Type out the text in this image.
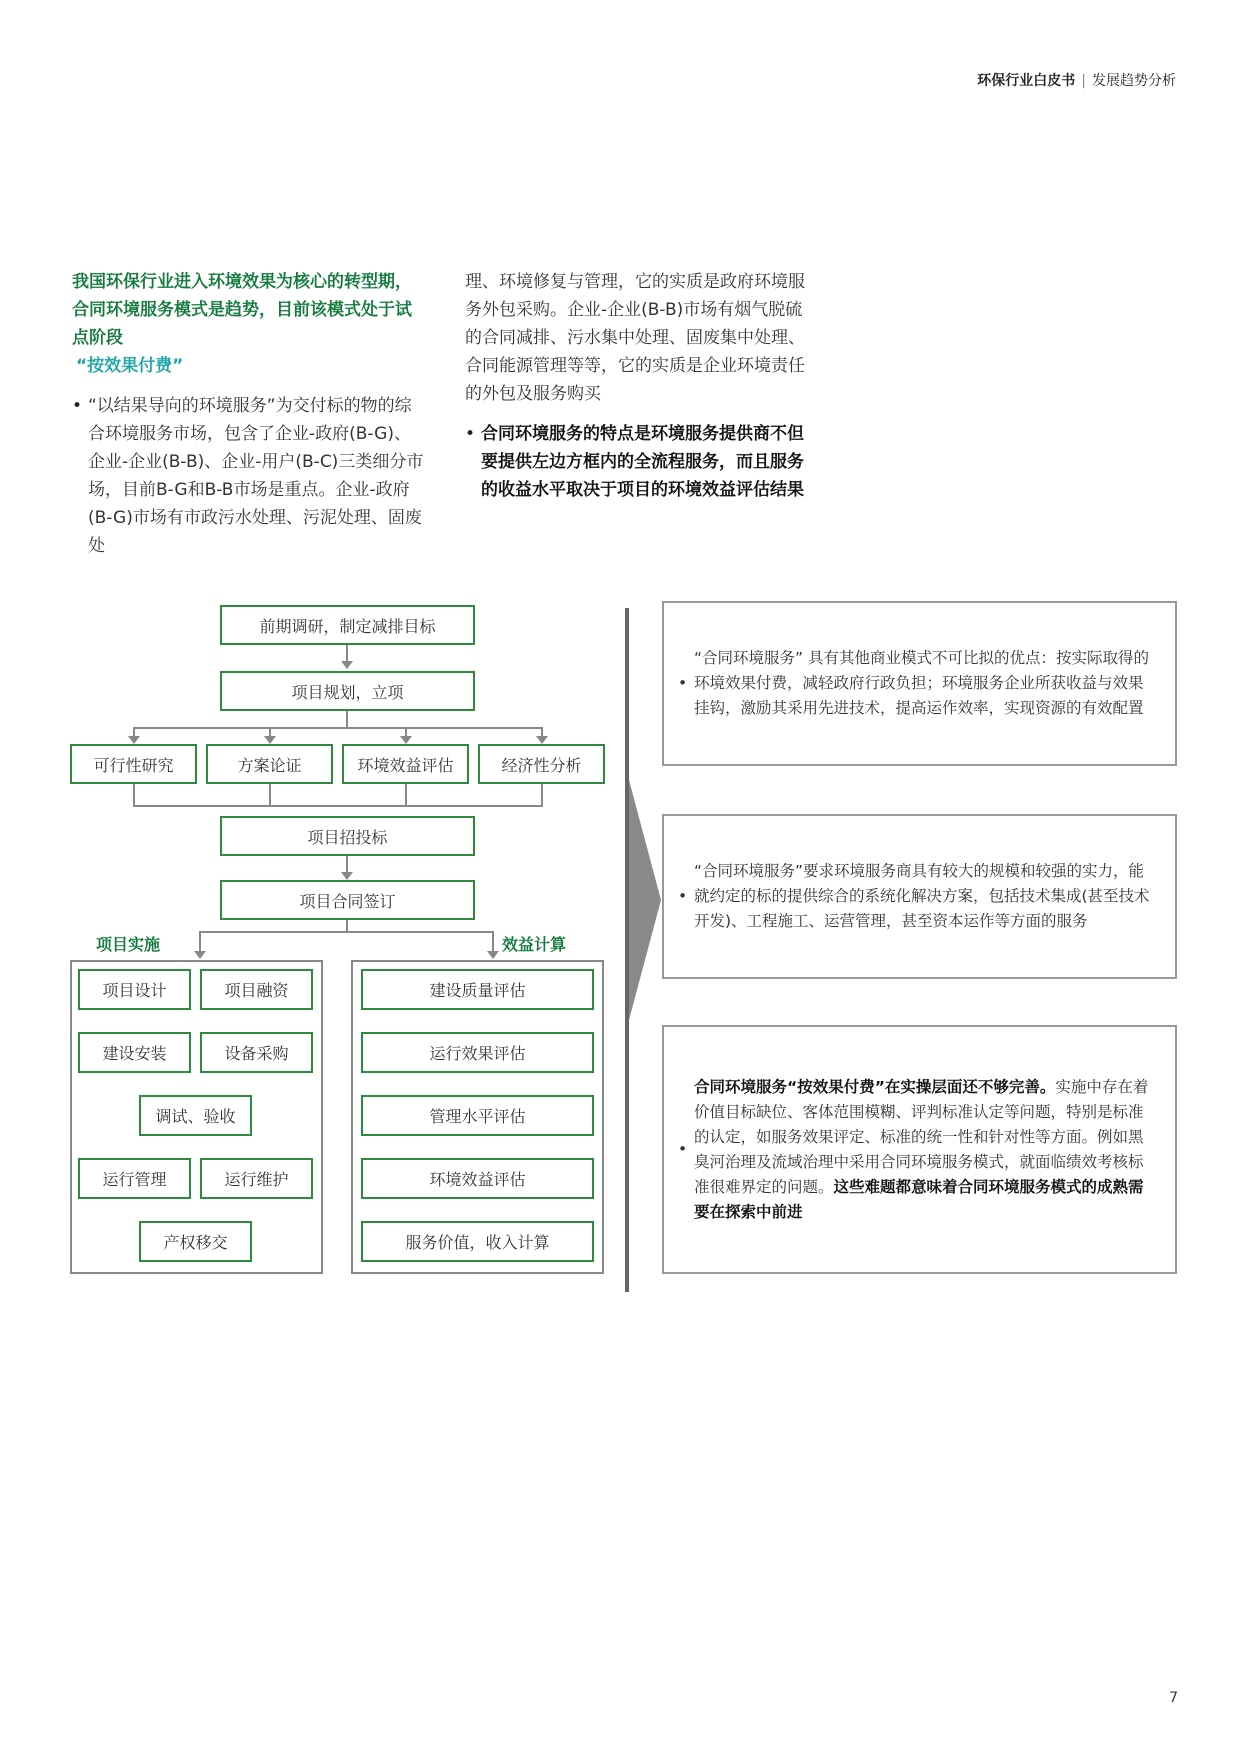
环保行业白皮书 | 发展趋势分析
我国环保行业进入环境效果为核心的转型期，合同环境服务模式是趋势，目前该模式处于试点阶段
“按效果付费”
• “以结果导向的环境服务”为交付标的物的综合环境服务市场，包含了企业-政府(B-G)、企业-企业(B-B)、企业-用户(B-C)三类细分市场，目前B-G和B-B市场是重点。企业-政府(B-G)市场有市政污水处理、污泥处理、固废处
理、环境修复与管理，它的实质是政府环境服务外包采购。企业-企业(B-B)市场有烟气脱硫的合同减排、污水集中处理、固废集中处理、合同能源管理等等，它的实质是企业环境责任的外包及服务购买
• 合同环境服务的特点是环境服务提供商不但要提供左边方框内的全流程服务，而且服务的收益水平取决于项目的环境效益评估结果
前期调研，制定减排目标
项目规划，立项
可行性研究	方案论证	环境效益评估	经济性分析
项目招投标
项目合同签订
项目实施	效益计算
项目设计	项目融资
建设安装	设备采购
调试、验收
运行管理	运行维护
产权移交
建设质量评估
运行效果评估
管理水平评估
环境效益评估
服务价值，收入计算
•
“合同环境服务” 具有其他商业模式不可比拟的优点：按实际取得的环境效果付费，减轻政府行政负担；环境服务企业所获收益与效果挂钩，激励其采用先进技术，提高运作效率，实现资源的有效配置
•
“合同环境服务”要求环境服务商具有较大的规模和较强的实力，能就约定的标的提供综合的系统化解决方案，包括技术集成(甚至技术开发)、工程施工、运营管理，甚至资本运作等方面的服务
•
合同环境服务“按效果付费”在实操层面还不够完善。实施中存在着价值目标缺位、客体范围模糊、评判标准认定等问题，特别是标准的认定，如服务效果评定、标准的统一性和针对性等方面。例如黑臭河治理及流域治理中采用合同环境服务模式，就面临绩效考核标准很难界定的问题。这些难题都意味着合同环境服务模式的成熟需要在探索中前进
7
